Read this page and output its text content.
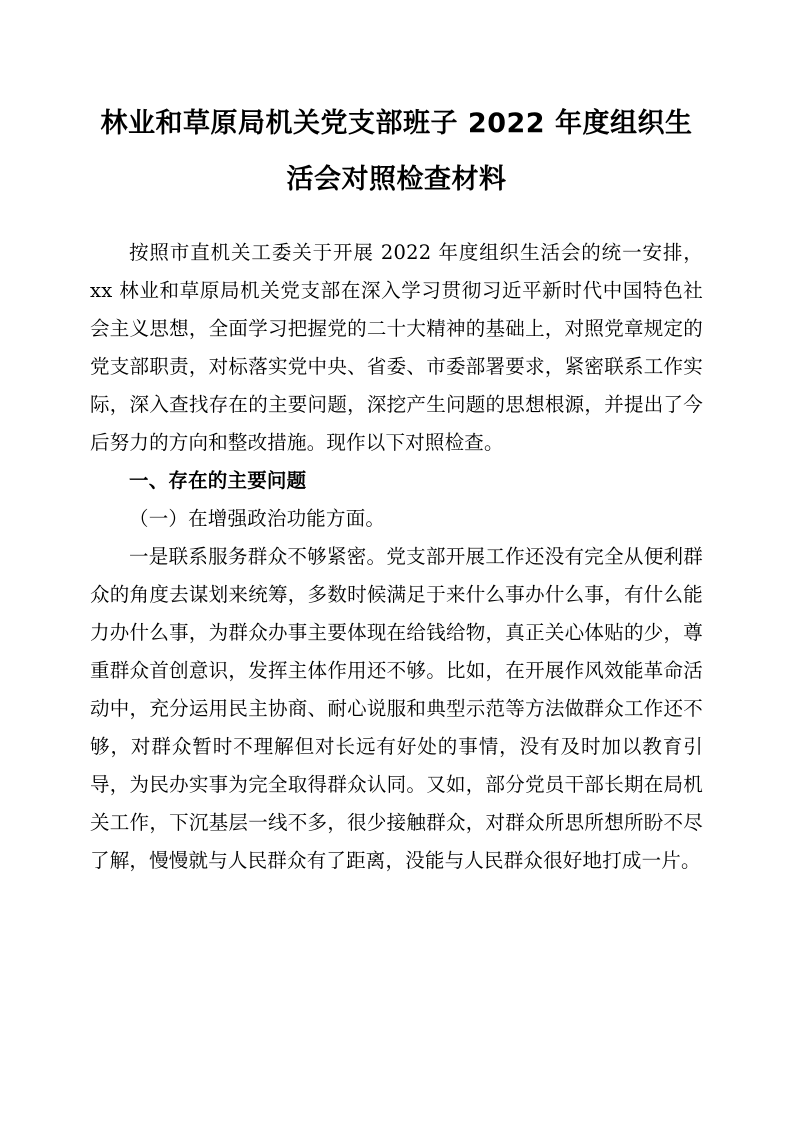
林业和草原局机关党支部班子 2022 年度组织生活会对照检查材料

按照市直机关工委关于开展 2022 年度组织生活会的统一安排，xx 林业和草原局机关党支部在深入学习贯彻习近平新时代中国特色社会主义思想，全面学习把握党的二十大精神的基础上，对照党章规定的党支部职责，对标落实党中央、省委、市委部署要求，紧密联系工作实际，深入查找存在的主要问题，深挖产生问题的思想根源，并提出了今后努力的方向和整改措施。现作以下对照检查。

一、存在的主要问题

（一）在增强政治功能方面。

一是联系服务群众不够紧密。党支部开展工作还没有完全从便利群众的角度去谋划来统筹，多数时候满足于来什么事办什么事，有什么能力办什么事，为群众办事主要体现在给钱给物，真正关心体贴的少，尊重群众首创意识，发挥主体作用还不够。比如，在开展作风效能革命活动中，充分运用民主协商、耐心说服和典型示范等方法做群众工作还不够，对群众暂时不理解但对长远有好处的事情，没有及时加以教育引导，为民办实事为完全取得群众认同。又如，部分党员干部长期在局机关工作，下沉基层一线不多，很少接触群众，对群众所思所想所盼不尽了解，慢慢就与人民群众有了距离，没能与人民群众很好地打成一片。
